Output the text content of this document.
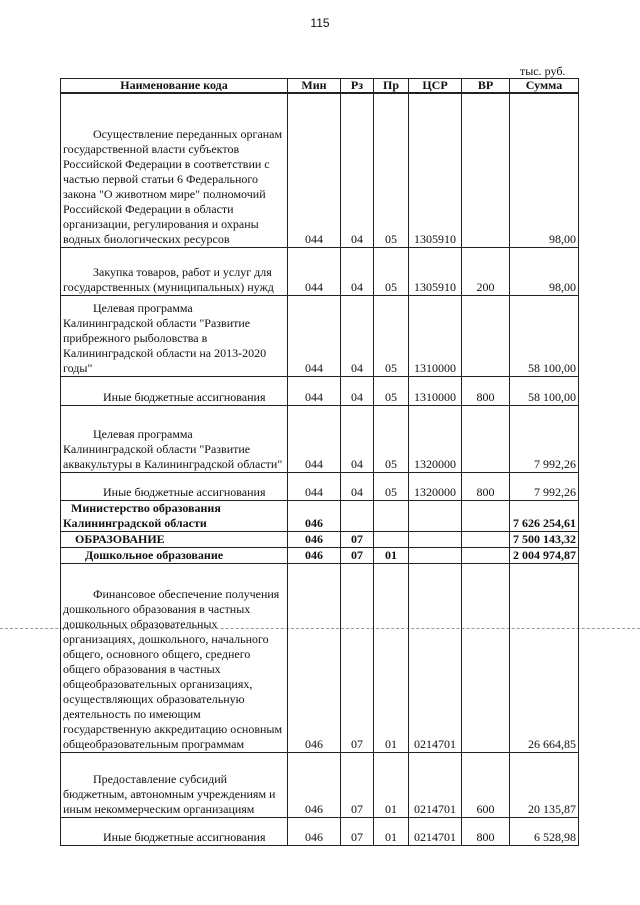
115
тыс. руб.
Наименование кода	Мин	Рз	Пр	ЦСР	ВР	Сумма
Осуществление переданных органам государственной власти субъектов Российской Федерации в соответствии с частью первой статьи 6 Федерального закона "О животном мире" полномочий Российской Федерации в области организации, регулирования и охраны водных биологических ресурсов	044	04	05	1305910		98,00
Закупка товаров, работ и услуг для государственных (муниципальных) нужд	044	04	05	1305910	200	98,00
Целевая программа Калининградской области "Развитие прибрежного рыболовства в Калининградской области на 2013-2020 годы"	044	04	05	1310000		58 100,00
Иные бюджетные ассигнования	044	04	05	1310000	800	58 100,00
Целевая программа Калининградской области "Развитие аквакультуры в Калининградской области"	044	04	05	1320000		7 992,26
Иные бюджетные ассигнования	044	04	05	1320000	800	7 992,26
Министерство образования Калининградской области	046					7 626 254,61
ОБРАЗОВАНИЕ	046	07				7 500 143,32
Дошкольное образование	046	07	01			2 004 974,87
Финансовое обеспечение получения дошкольного образования в частных дошкольных образовательных организациях, дошкольного, начального общего, основного общего, среднего общего образования в частных общеобразовательных организациях, осуществляющих образовательную деятельность по имеющим государственную аккредитацию основным общеобразовательным программам	046	07	01	0214701		26 664,85
Предоставление субсидий бюджетным, автономным учреждениям и иным некоммерческим организациям	046	07	01	0214701	600	20 135,87
Иные бюджетные ассигнования	046	07	01	0214701	800	6 528,98
